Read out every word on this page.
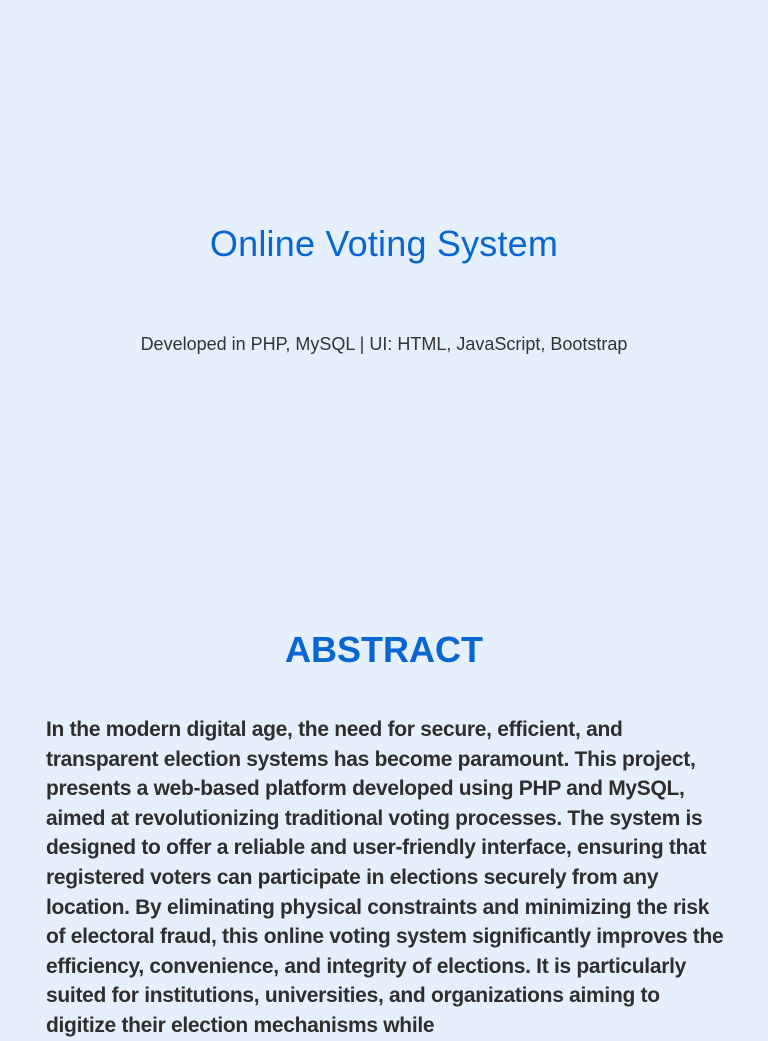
Online Voting System

Developed in PHP, MySQL | UI: HTML, JavaScript, Bootstrap

ABSTRACT

In the modern digital age, the need for secure, efficient, and transparent election systems has become paramount. This project, presents a web-based platform developed using PHP and MySQL, aimed at revolutionizing traditional voting processes. The system is designed to offer a reliable and user-friendly interface, ensuring that registered voters can participate in elections securely from any location. By eliminating physical constraints and minimizing the risk of electoral fraud, this online voting system significantly improves the efficiency, convenience, and integrity of elections. It is particularly suited for institutions, universities, and organizations aiming to digitize their election mechanisms while
